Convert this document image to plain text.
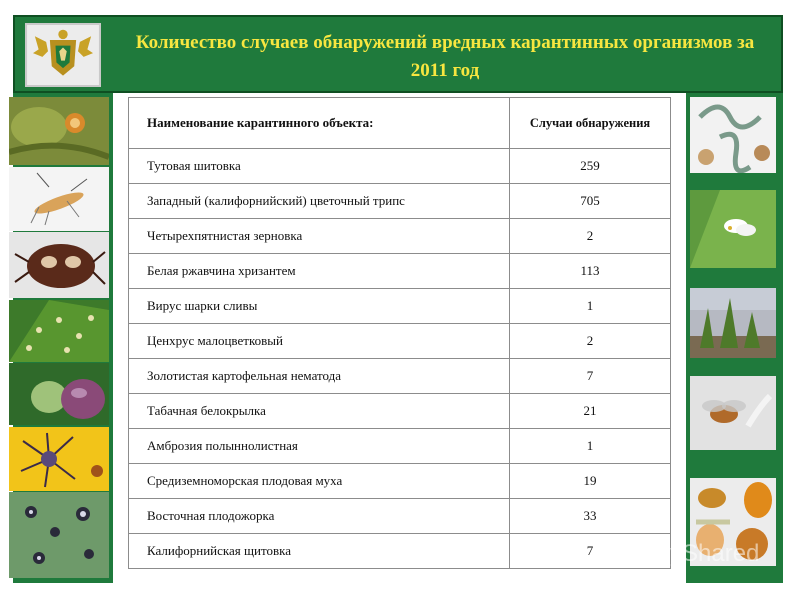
Количество случаев обнаружений вредных карантинных организмов за 2011 год
Наименование карантинного объекта:	Случаи обнаружения
Тутовая шитовка	259
Западный (калифорнийский) цветочный трипс	705
Четырехпятнистая зерновка	2
Белая ржавчина хризантем	113
Вирус шарки сливы	1
Ценхрус малоцветковый	2
Золотистая картофельная нематода	7
Табачная белокрылка	21
Амброзия полыннолистная	1
Средиземноморская плодовая муха	19
Восточная плодожорка	33
Калифорнийская щитовка	7 MyShared
